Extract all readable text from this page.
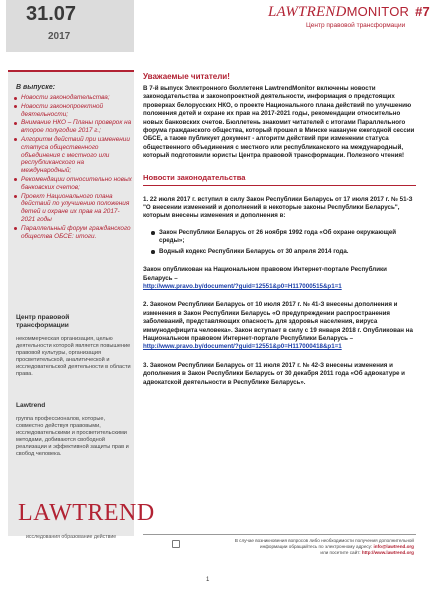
31.07
2017
LAWTRENDMONITOR #7
Центр правовой трансформации
В выпуске:
Новости законодательства;
Новости законопроектной деятельности;
Внимание НКО – Планы проверок на второе полугодие 2017 г.;
Алгоритм действий при изменении статуса общественного объединения с местного или республиканского на международный;
Рекомендации относительно новых банковских счетов;
Проект Национального плана действий по улучшению положения детей и охране их прав на 2017-2021 годы
Параллельный форум гражданского общества ОБСЕ: итоги.
Центр правовой трансформации
некоммерческая организация, целью деятельности которой является повышение правовой культуры, организация просветительской, аналитической и исследовательской деятельности в области права.
Lawtrend
группа профессионалов, которые, совместно действуя правовыми, исследовательскими и просветительскими методами, добиваются свободной реализации и эффективной защиты прав и свобод человека.
LAWTREND
исследования образование действие
Уважаемые читатели!
В 7-й выпуск Электронного бюллетеня LawtrendMonitor включены новости законодательства и законопроектной деятельности, информация о предстоящих проверках белорусских НКО, о проекте Национального плана действий по улучшению положения детей и охране их прав на 2017-2021 годы, рекомендации относительно новых банковских счетов. Бюллетень знакомит читателей с итогами Параллельного форума гражданского общества, который прошел в Минске накануне ежегодной сессии ОБСЕ, а также публикует документ - алгоритм действий при изменении статуса общественного объединения с местного или республиканского на международный, который подготовили юристы Центра правовой трансформации. Полезного чтения!
Новости законодательства
1. 22 июля 2017 г. вступил в силу Закон Республики Беларусь от 17 июля 2017 г. № 51-З "О внесении изменений и дополнений в некоторые законы Республики Беларусь", которым внесены изменения и дополнения в:
Закон Республики Беларусь от 26 ноября 1992 года «Об охране окружающей среды»;
Водный кодекс Республики Беларусь от 30 апреля 2014 года.
Закон опубликован на Национальном правовом Интернет-портале Республики Беларусь –
http://www.pravo.by/document/?guid=12551&p0=H117000515&p1=1
2. Законом Республики Беларусь от 10 июля 2017 г. № 41-З внесены дополнения и изменения в Закон Республики Беларусь «О предупреждении распространения заболеваний, представляющих опасность для здоровья населения, вируса иммунодефицита человека». Закон вступает в силу с 19 января 2018 г. Опубликован на Национальном правовом Интернет-портале Республики Беларусь – http://www.pravo.by/document/?guid=12551&p0=H117000418&p1=1
3. Законом Республики Беларусь от 11 июля 2017 г. № 42-З внесены изменения и дополнения в Закон Республики Беларусь от 30 декабря 2011 года «Об адвокатуре и адвокатской деятельности в Республике Беларусь».
В случае возникновения вопросов либо необходимости получения дополнительной
информации обращайтесь по электронному адресу: info@lawtrend.org
или посетите сайт: http://www.lawtrend.org
1
